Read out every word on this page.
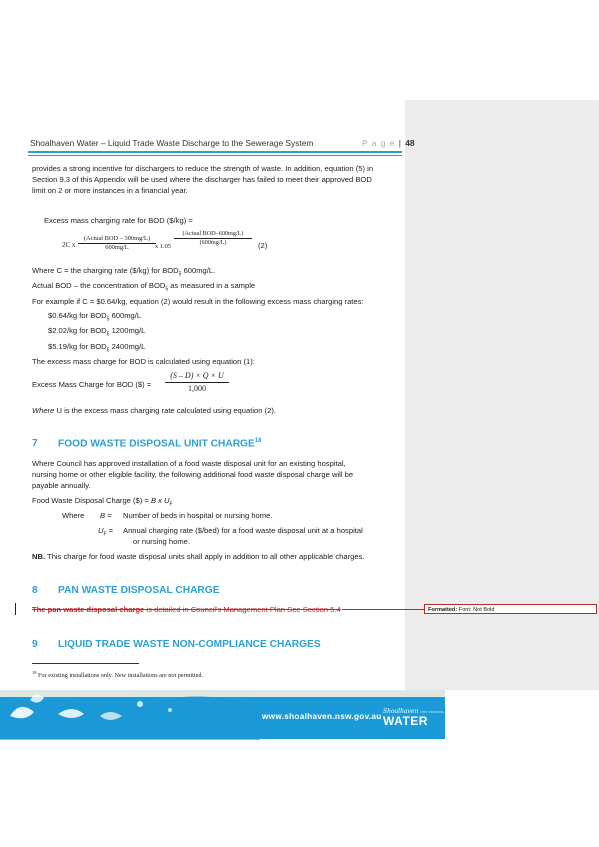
Shoalhaven Water – Liquid Trade Waste Discharge to the Sewerage System	P a g e | 48
provides a strong incentive for dischargers to reduce the strength of waste. In addition, equation (5) in
Section 9.3 of this Appendix will be used where the discharger has failed to meet their approved BOD
limit on 2 or more instances in a financial year.
Excess mass charging rate for BOD ($/kg) =
2C x
(Actual BOD – 300mg/L)
600mg/L	x 1.05
(Actual BOD–600mg/L)
(600mg/L)	(2)
Where C = the charging rate ($/kg) for $BOD_5$ 600mg/L.
Actual BOD – the concentration of $BOD_5$ as measured in a sample
For example if C = $0.64/kg, equation (2) would result in the following excess mass charging rates:
$0.64/kg for $BOD_5$ 600mg/L
$2.02/kg for $BOD_5$ 1200mg/L
$5.19/kg for $BOD_5$ 2400mg/L
The excess mass charge for BOD is calculated using equation (1):
Excess Mass Charge for BOD ($) = $\frac{(S - D) \times Q \times U}{1,000}$
Where U is the excess mass charging rate calculated using equation (2).
7 FOOD WASTE DISPOSAL UNIT CHARGE$^{18}$
Where Council has approved installation of a food waste disposal unit for an existing hospital,
nursing home or other eligible facility, the following additional food waste disposal charge will be
payable annually.
Food Waste Disposal Charge ($) = B x $U_F$
Where B = Number of beds in hospital or nursing home.
$U_F$ = Annual charging rate ($/bed) for a food waste disposal unit at a hospital
or nursing home.
NB. This charge for food waste disposal units shall apply in addition to all other applicable charges.
8 PAN WASTE DISPOSAL CHARGE
The pan waste disposal charge is detailed in Council's Management Plan See Section 5.4	Formatted: Font: Not Bold
9 LIQUID TRADE WASTE NON-COMPLIANCE CHARGES
$^{18}$ For existing installations only. New installations are not permitted.
www.shoalhaven.nsw.gov.au
Shoalhaven CITY COUNCIL
WATER
